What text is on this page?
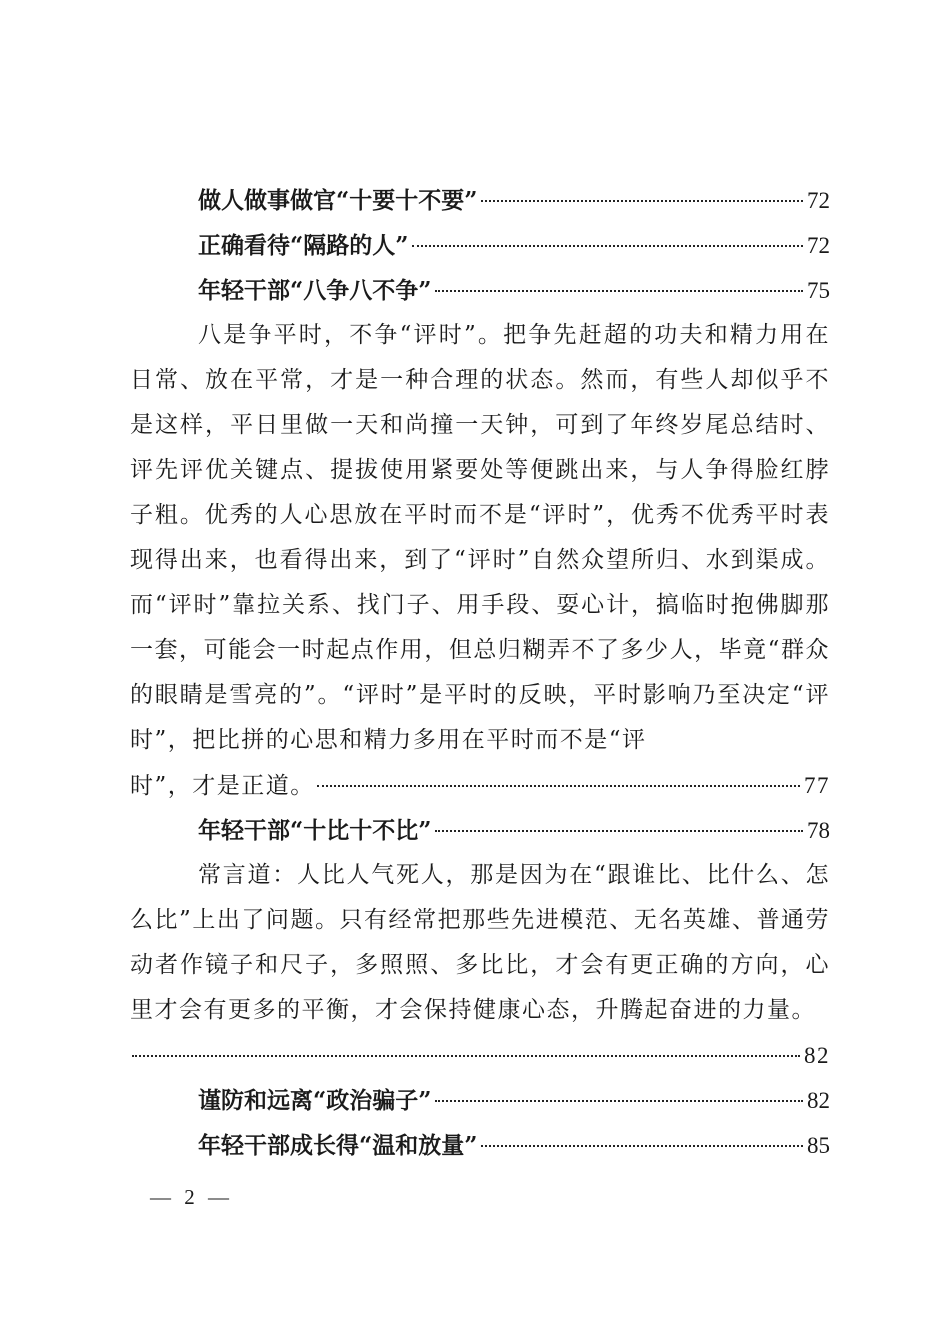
做人做事做官“十要十不要”	72
正确看待“隔路的人”	72
年轻干部“八争八不争”	75

八是争平时，不争“评时”。把争先赶超的功夫和精力用在日常、放在平常，才是一种合理的状态。然而，有些人却似乎不是这样，平日里做一天和尚撞一天钟，可到了年终岁尾总结时、评先评优关键点、提拔使用紧要处等便跳出来，与人争得脸红脖子粗。优秀的人心思放在平时而不是“评时”，优秀不优秀平时表现得出来，也看得出来，到了“评时”自然众望所归、水到渠成。而“评时”靠拉关系、找门子、用手段、耍心计，搞临时抱佛脚那一套，可能会一时起点作用，但总归糊弄不了多少人，毕竟“群众的眼睛是雪亮的”。“评时”是平时的反映，平时影响乃至决定“评时”，把比拼的心思和精力多用在平时而不是“评

时”，才是正道。	77
年轻干部“十比十不比”	78

常言道：人比人气死人，那是因为在“跟谁比、比什么、怎么比”上出了问题。只有经常把那些先进模范、无名英雄、普通劳动者作镜子和尺子，多照照、多比比，才会有更正确的方向，心里才会有更多的平衡，才会保持健康心态，升腾起奋进的力量。

82
谨防和远离“政治骗子”	82
年轻干部成长得“温和放量”	85
— 2 —
